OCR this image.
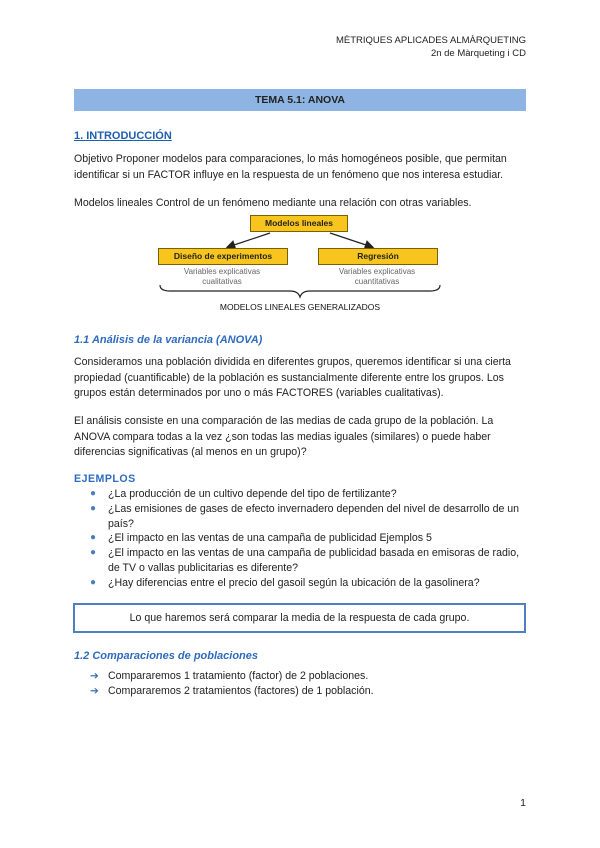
MÈTRIQUES APLICADES ALMÀRQUETING
2n de Màrqueting i CD
TEMA 5.1: ANOVA
1. INTRODUCCIÓN
Objetivo Proponer modelos para comparaciones, lo más homogéneos posible, que permitan identificar si un FACTOR influye en la respuesta de un fenómeno que nos interesa estudiar.
Modelos lineales Control de un fenómeno mediante una relación con otras variables.
Modelos lineales
Diseño de experimentos	Regresión
Variables explicativas
cualitativas
Variables explicativas
cuantitativas
MODELOS LINEALES GENERALIZADOS
1.1 Análisis de la variancia (ANOVA)
Consideramos una población dividida en diferentes grupos, queremos identificar si una cierta propiedad (cuantificable) de la población es sustancialmente diferente entre los grupos. Los grupos están determinados por uno o más FACTORES (variables cualitativas).
El análisis consiste en una comparación de las medias de cada grupo de la población. La ANOVA compara todas a la vez ¿son todas las medias iguales (similares) o puede haber diferencias significativas (al menos en un grupo)?
EJEMPLOS
● ¿La producción de un cultivo depende del tipo de fertilizante?
● ¿Las emisiones de gases de efecto invernadero dependen del nivel de desarrollo de un país?
● ¿El impacto en las ventas de una campaña de publicidad Ejemplos 5
● ¿El impacto en las ventas de una campaña de publicidad basada en emisoras de radio, de TV o vallas publicitarias es diferente?
● ¿Hay diferencias entre el precio del gasoil según la ubicación de la gasolinera?
Lo que haremos será comparar la media de la respuesta de cada grupo.
1.2 Comparaciones de poblaciones
➔ Compararemos 1 tratamiento (factor) de 2 poblaciones.
➔ Compararemos 2 tratamientos (factores) de 1 población.
1
